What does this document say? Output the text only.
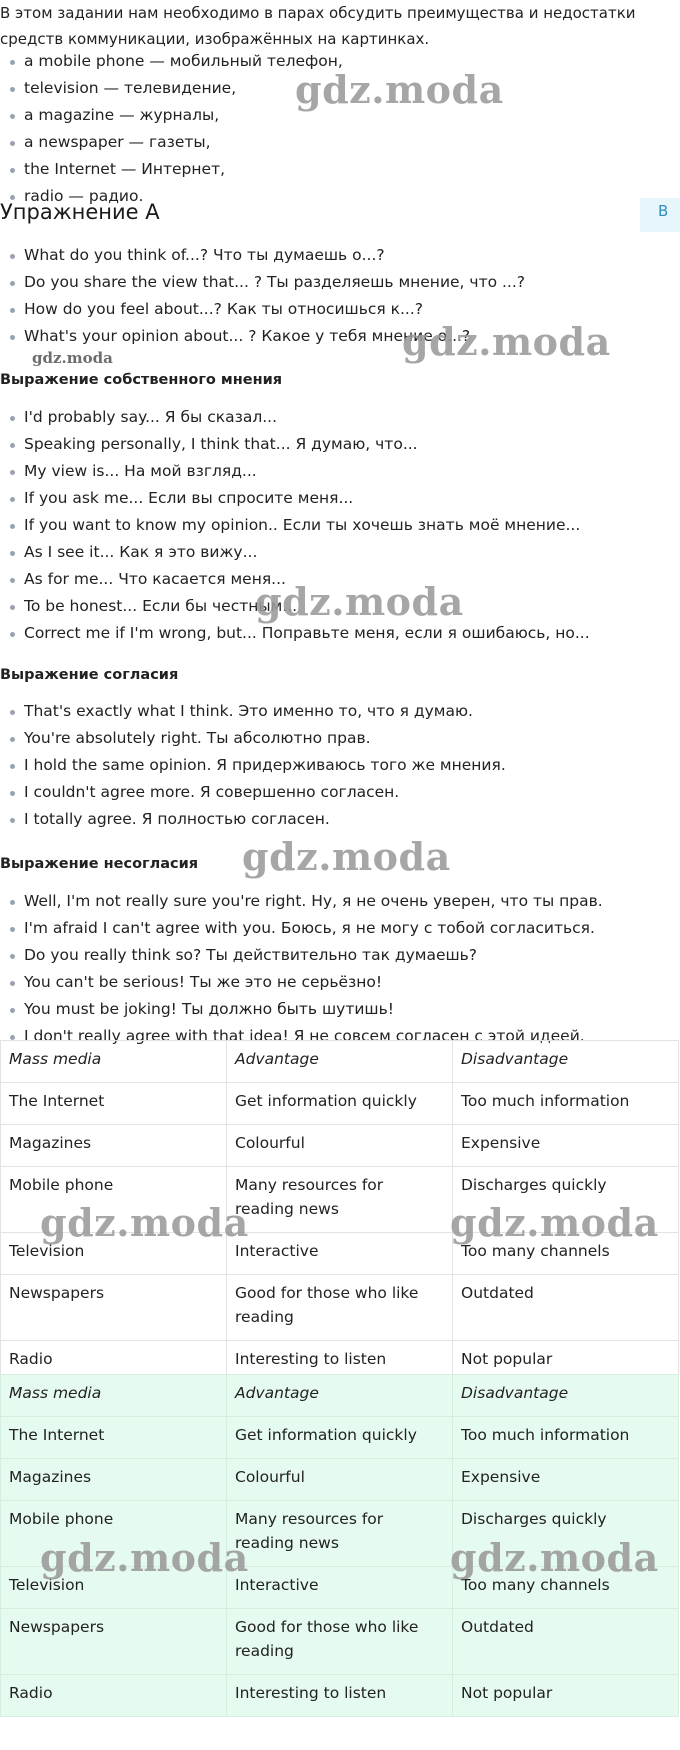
В этом задании нам необходимо в парах обсудить преимущества и недостатки средств коммуникации, изображённых на картинках.

a mobile phone — мобильный телефон,
television — телевидение,
a magazine — журналы,
a newspaper — газеты,
the Internet — Интернет,
radio — радио.
Упражнение А	В
What do you think of...? Что ты думаешь о...?
Do you share the view that... ? Ты разделяешь мнение, что ...?
How do you feel about...? Как ты относишься к...?
What's your opinion about... ? Какое у тебя мнение о...?
Выражение собственного мнения
I'd probably say... Я бы сказал...
Speaking personally, I think that... Я думаю, что...
My view is... На мой взгляд...
If you ask me... Если вы спросите меня...
If you want to know my opinion.. Если ты хочешь знать моё мнение...
As I see it... Как я это вижу...
As for me... Что касается меня...
To be honest... Если бы честным...
Correct me if I'm wrong, but... Поправьте меня, если я ошибаюсь, но...
Выражение согласия
That's exactly what I think. Это именно то, что я думаю.
You're absolutely right. Ты абсолютно прав.
I hold the same opinion. Я придерживаюсь того же мнения.
I couldn't agree more. Я совершенно согласен.
I totally agree. Я полностью согласен.
Выражение несогласия
Well, I'm not really sure you're right. Ну, я не очень уверен, что ты прав.
I'm afraid I can't agree with you. Боюсь, я не могу с тобой согласиться.
Do you really think so? Ты действительно так думаешь?
You can't be serious! Ты же это не серьёзно!
You must be joking! Ты должно быть шутишь!
I don't really agree with that idea! Я не совсем согласен с этой идеей.
Mass media	Advantage	Disadvantage
The Internet	Get information quickly	Too much information
Magazines	Colourful	Expensive
Mobile phone	Many resources for reading news	Discharges quickly
Television	Interactive	Too many channels
Newspapers	Good for those who like reading	Outdated
Radio	Interesting to listen	Not popular
Mass media	Advantage	Disadvantage
The Internet	Get information quickly	Too much information
Magazines	Colourful	Expensive
Mobile phone	Many resources for reading news	Discharges quickly
Television	Interactive	Too many channels
Newspapers	Good for those who like reading	Outdated
Radio	Interesting to listen	Not popular
gdz.moda
gdz.moda
gdz.moda
gdz.moda
gdz.moda
gdz.moda	gdz.moda
gdz.moda	gdz.moda
